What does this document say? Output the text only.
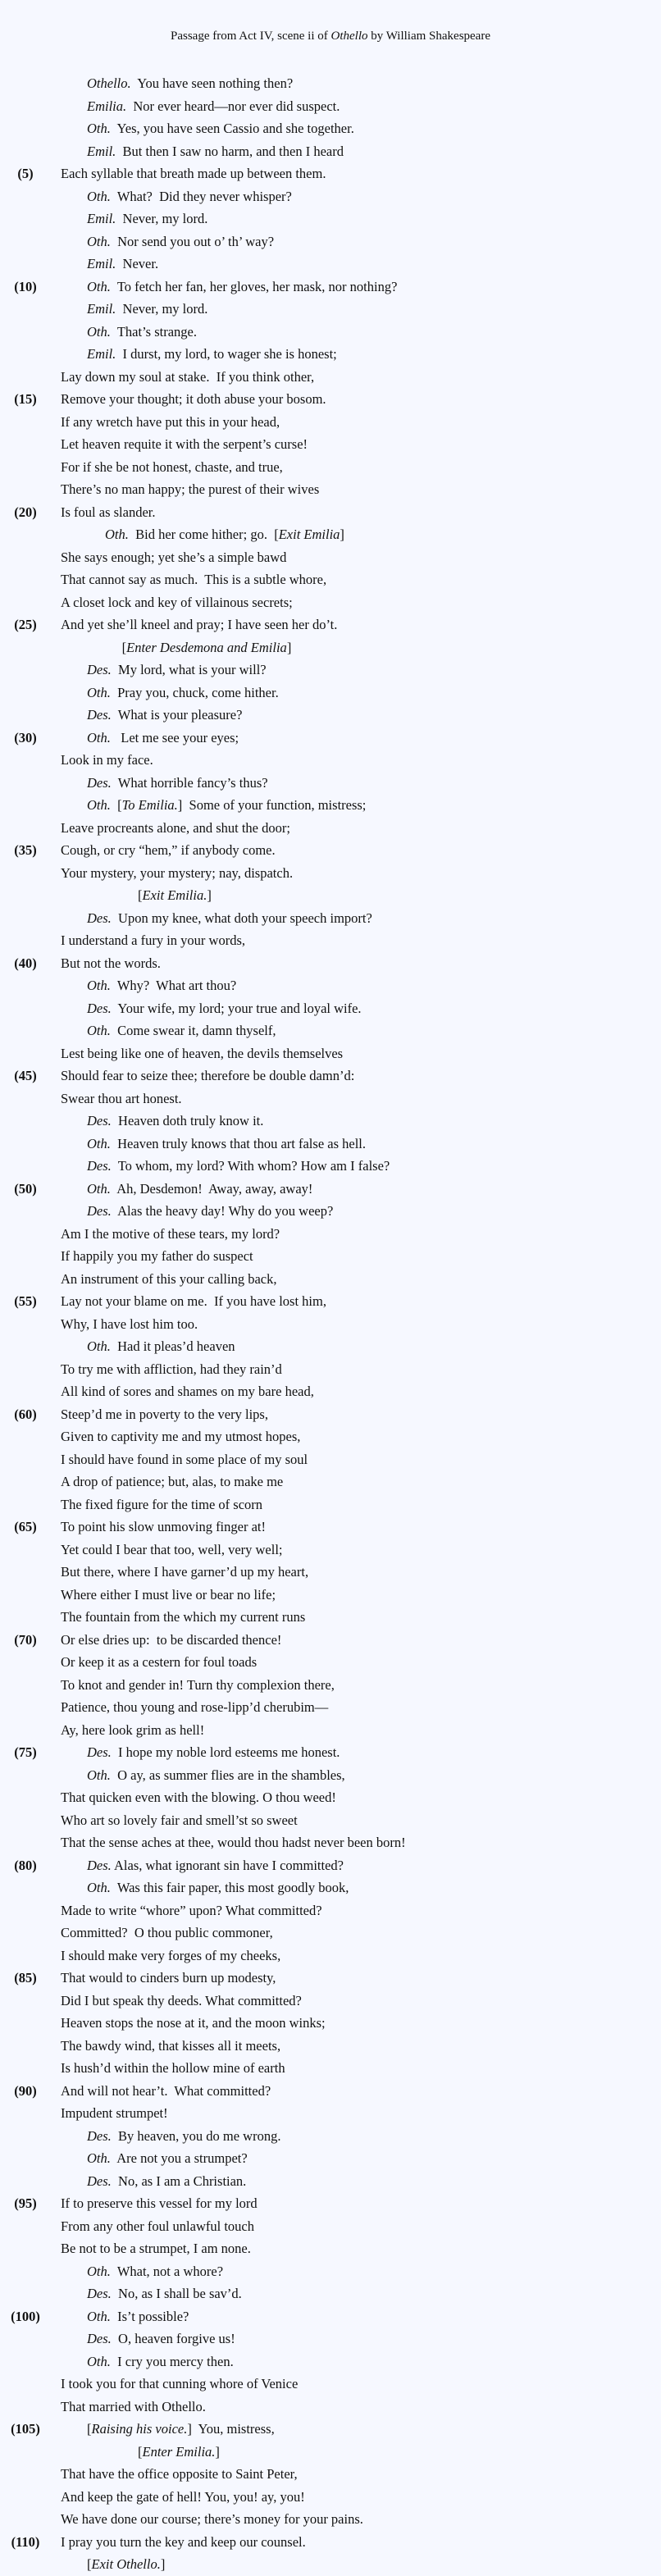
Passage from Act IV, scene ii of Othello by William Shakespeare
Othello.  You have seen nothing then?
Emilia.  Nor ever heard—nor ever did suspect.
Oth.  Yes, you have seen Cassio and she together.
Emil.  But then I saw no harm, and then I heard
(5)	Each syllable that breath made up between them.
Oth.  What?  Did they never whisper?
Emil.  Never, my lord.
Oth.  Nor send you out o’ th’ way?
Emil.  Never.
(10)	Oth.  To fetch her fan, her gloves, her mask, nor nothing?
Emil.  Never, my lord.
Oth.  That’s strange.
Emil.  I durst, my lord, to wager she is honest;
Lay down my soul at stake.  If you think other,
(15)	Remove your thought; it doth abuse your bosom.
If any wretch have put this in your head,
Let heaven requite it with the serpent’s curse!
For if she be not honest, chaste, and true,
There’s no man happy; the purest of their wives
(20)	Is foul as slander.
Oth.  Bid her come hither; go.  [Exit Emilia]
She says enough; yet she’s a simple bawd
That cannot say as much.  This is a subtle whore,
A closet lock and key of villainous secrets;
(25)	And yet she’ll kneel and pray; I have seen her do’t.
[Enter Desdemona and Emilia]
Des.  My lord, what is your will?
Oth.  Pray you, chuck, come hither.
Des.  What is your pleasure?
(30)	Oth.   Let me see your eyes;
Look in my face.
Des.  What horrible fancy’s thus?
Oth.  [To Emilia.]  Some of your function, mistress;
Leave procreants alone, and shut the door;
(35)	Cough, or cry “hem,” if anybody come.
Your mystery, your mystery; nay, dispatch.
[Exit Emilia.]
Des.  Upon my knee, what doth your speech import?
I understand a fury in your words,
(40)	But not the words.
Oth.  Why?  What art thou?
Des.  Your wife, my lord; your true and loyal wife.
Oth.  Come swear it, damn thyself,
Lest being like one of heaven, the devils themselves
(45)	Should fear to seize thee; therefore be double damn’d:
Swear thou art honest.
Des.  Heaven doth truly know it.
Oth.  Heaven truly knows that thou art false as hell.
Des.  To whom, my lord? With whom? How am I false?
(50)	Oth.  Ah, Desdemon!  Away, away, away!
Des.  Alas the heavy day! Why do you weep?
Am I the motive of these tears, my lord?
If happily you my father do suspect
An instrument of this your calling back,
(55)	Lay not your blame on me.  If you have lost him,
Why, I have lost him too.
Oth.  Had it pleas’d heaven
To try me with affliction, had they rain’d
All kind of sores and shames on my bare head,
(60)	Steep’d me in poverty to the very lips,
Given to captivity me and my utmost hopes,
I should have found in some place of my soul
A drop of patience; but, alas, to make me
The fixed figure for the time of scorn
(65)	To point his slow unmoving finger at!
Yet could I bear that too, well, very well;
But there, where I have garner’d up my heart,
Where either I must live or bear no life;
The fountain from the which my current runs
(70)	Or else dries up:  to be discarded thence!
Or keep it as a cestern for foul toads
To knot and gender in! Turn thy complexion there,
Patience, thou young and rose-lipp’d cherubim—
Ay, here look grim as hell!
(75)	Des.  I hope my noble lord esteems me honest.
Oth.  O ay, as summer flies are in the shambles,
That quicken even with the blowing. O thou weed!
Who art so lovely fair and smell’st so sweet
That the sense aches at thee, would thou hadst never been born!
(80)	Des. Alas, what ignorant sin have I committed?
Oth.  Was this fair paper, this most goodly book,
Made to write “whore” upon? What committed?
Committed?  O thou public commoner,
I should make very forges of my cheeks,
(85)	That would to cinders burn up modesty,
Did I but speak thy deeds. What committed?
Heaven stops the nose at it, and the moon winks;
The bawdy wind, that kisses all it meets,
Is hush’d within the hollow mine of earth
(90)	And will not hear’t.  What committed?
Impudent strumpet!
Des.  By heaven, you do me wrong.
Oth.  Are not you a strumpet?
Des.  No, as I am a Christian.
(95)	If to preserve this vessel for my lord
From any other foul unlawful touch
Be not to be a strumpet, I am none.
Oth.  What, not a whore?
Des.  No, as I shall be sav’d.
(100)	Oth.  Is’t possible?
Des.  O, heaven forgive us!
Oth.  I cry you mercy then.
I took you for that cunning whore of Venice
That married with Othello.
(105)	[Raising his voice.]  You, mistress,
[Enter Emilia.]
That have the office opposite to Saint Peter,
And keep the gate of hell! You, you! ay, you!
We have done our course; there’s money for your pains.
(110)	I pray you turn the key and keep our counsel.
[Exit Othello.]
